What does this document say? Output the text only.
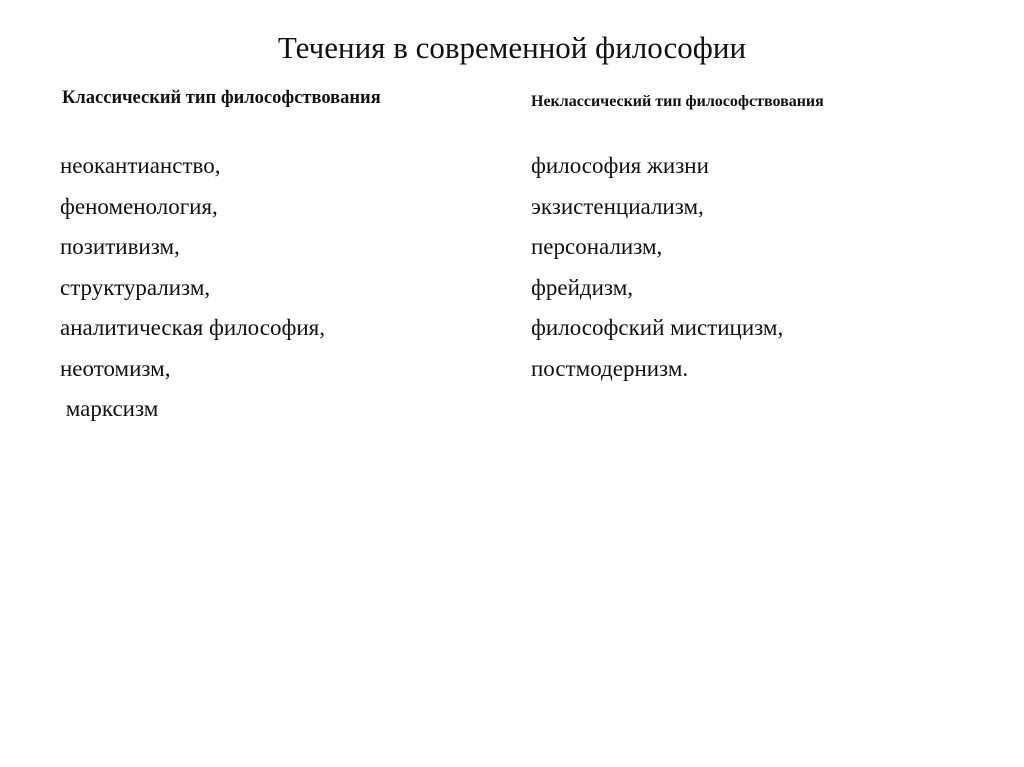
Течения в современной философии
Классический тип философствования	Неклассический тип философствования
неокантианство,
феноменология,
позитивизм,
структурализм,
аналитическая философия,
неотомизм,
марксизм
философия жизни
экзистенциализм,
персонализм,
фрейдизм,
философский мистицизм,
постмодернизм.
